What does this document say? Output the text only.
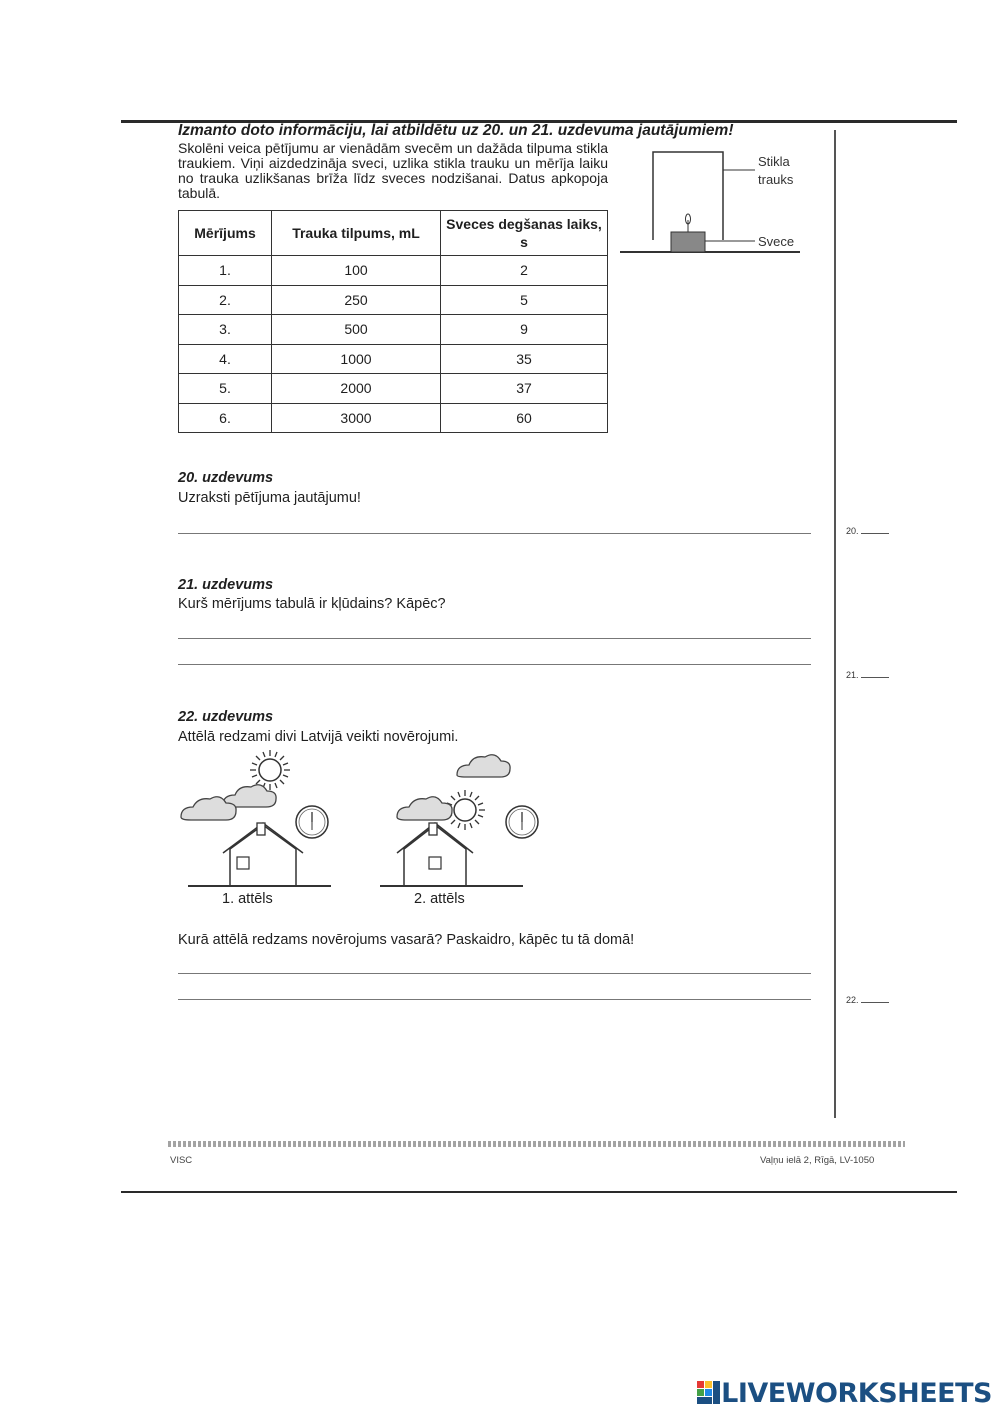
Izmanto doto informāciju, lai atbildētu uz 20. un 21. uzdevuma jautājumiem!
Skolēni veica pētījumu ar vienādām svecēm un dažāda tilpuma stikla traukiem. Viņi aizdedzināja sveci, uzlika stikla trauku un mērīja laiku no trauka uzlikšanas brīža līdz sveces nodzišanai. Datus apkopoja tabulā.
Stikla
trauks
Svece
Mērījums	Trauka tilpums, mL	Sveces degšanas laiks, s
1.	100	2
2.	250	5
3.	500	9
4.	1000	35
5.	2000	37
6.	3000	60
20. uzdevums
Uzraksti pētījuma jautājumu!
20.
21. uzdevums
Kurš mērījums tabulā ir kļūdains? Kāpēc?
21.
22. uzdevums
Attēlā redzami divi Latvijā veikti novērojumi.
1. attēls	2. attēls
Kurā attēlā redzams novērojums vasarā? Paskaidro, kāpēc tu tā domā!
22.
VISC	Vaļņu ielā 2, Rīgā, LV-1050
LIVEWORKSHEETS
